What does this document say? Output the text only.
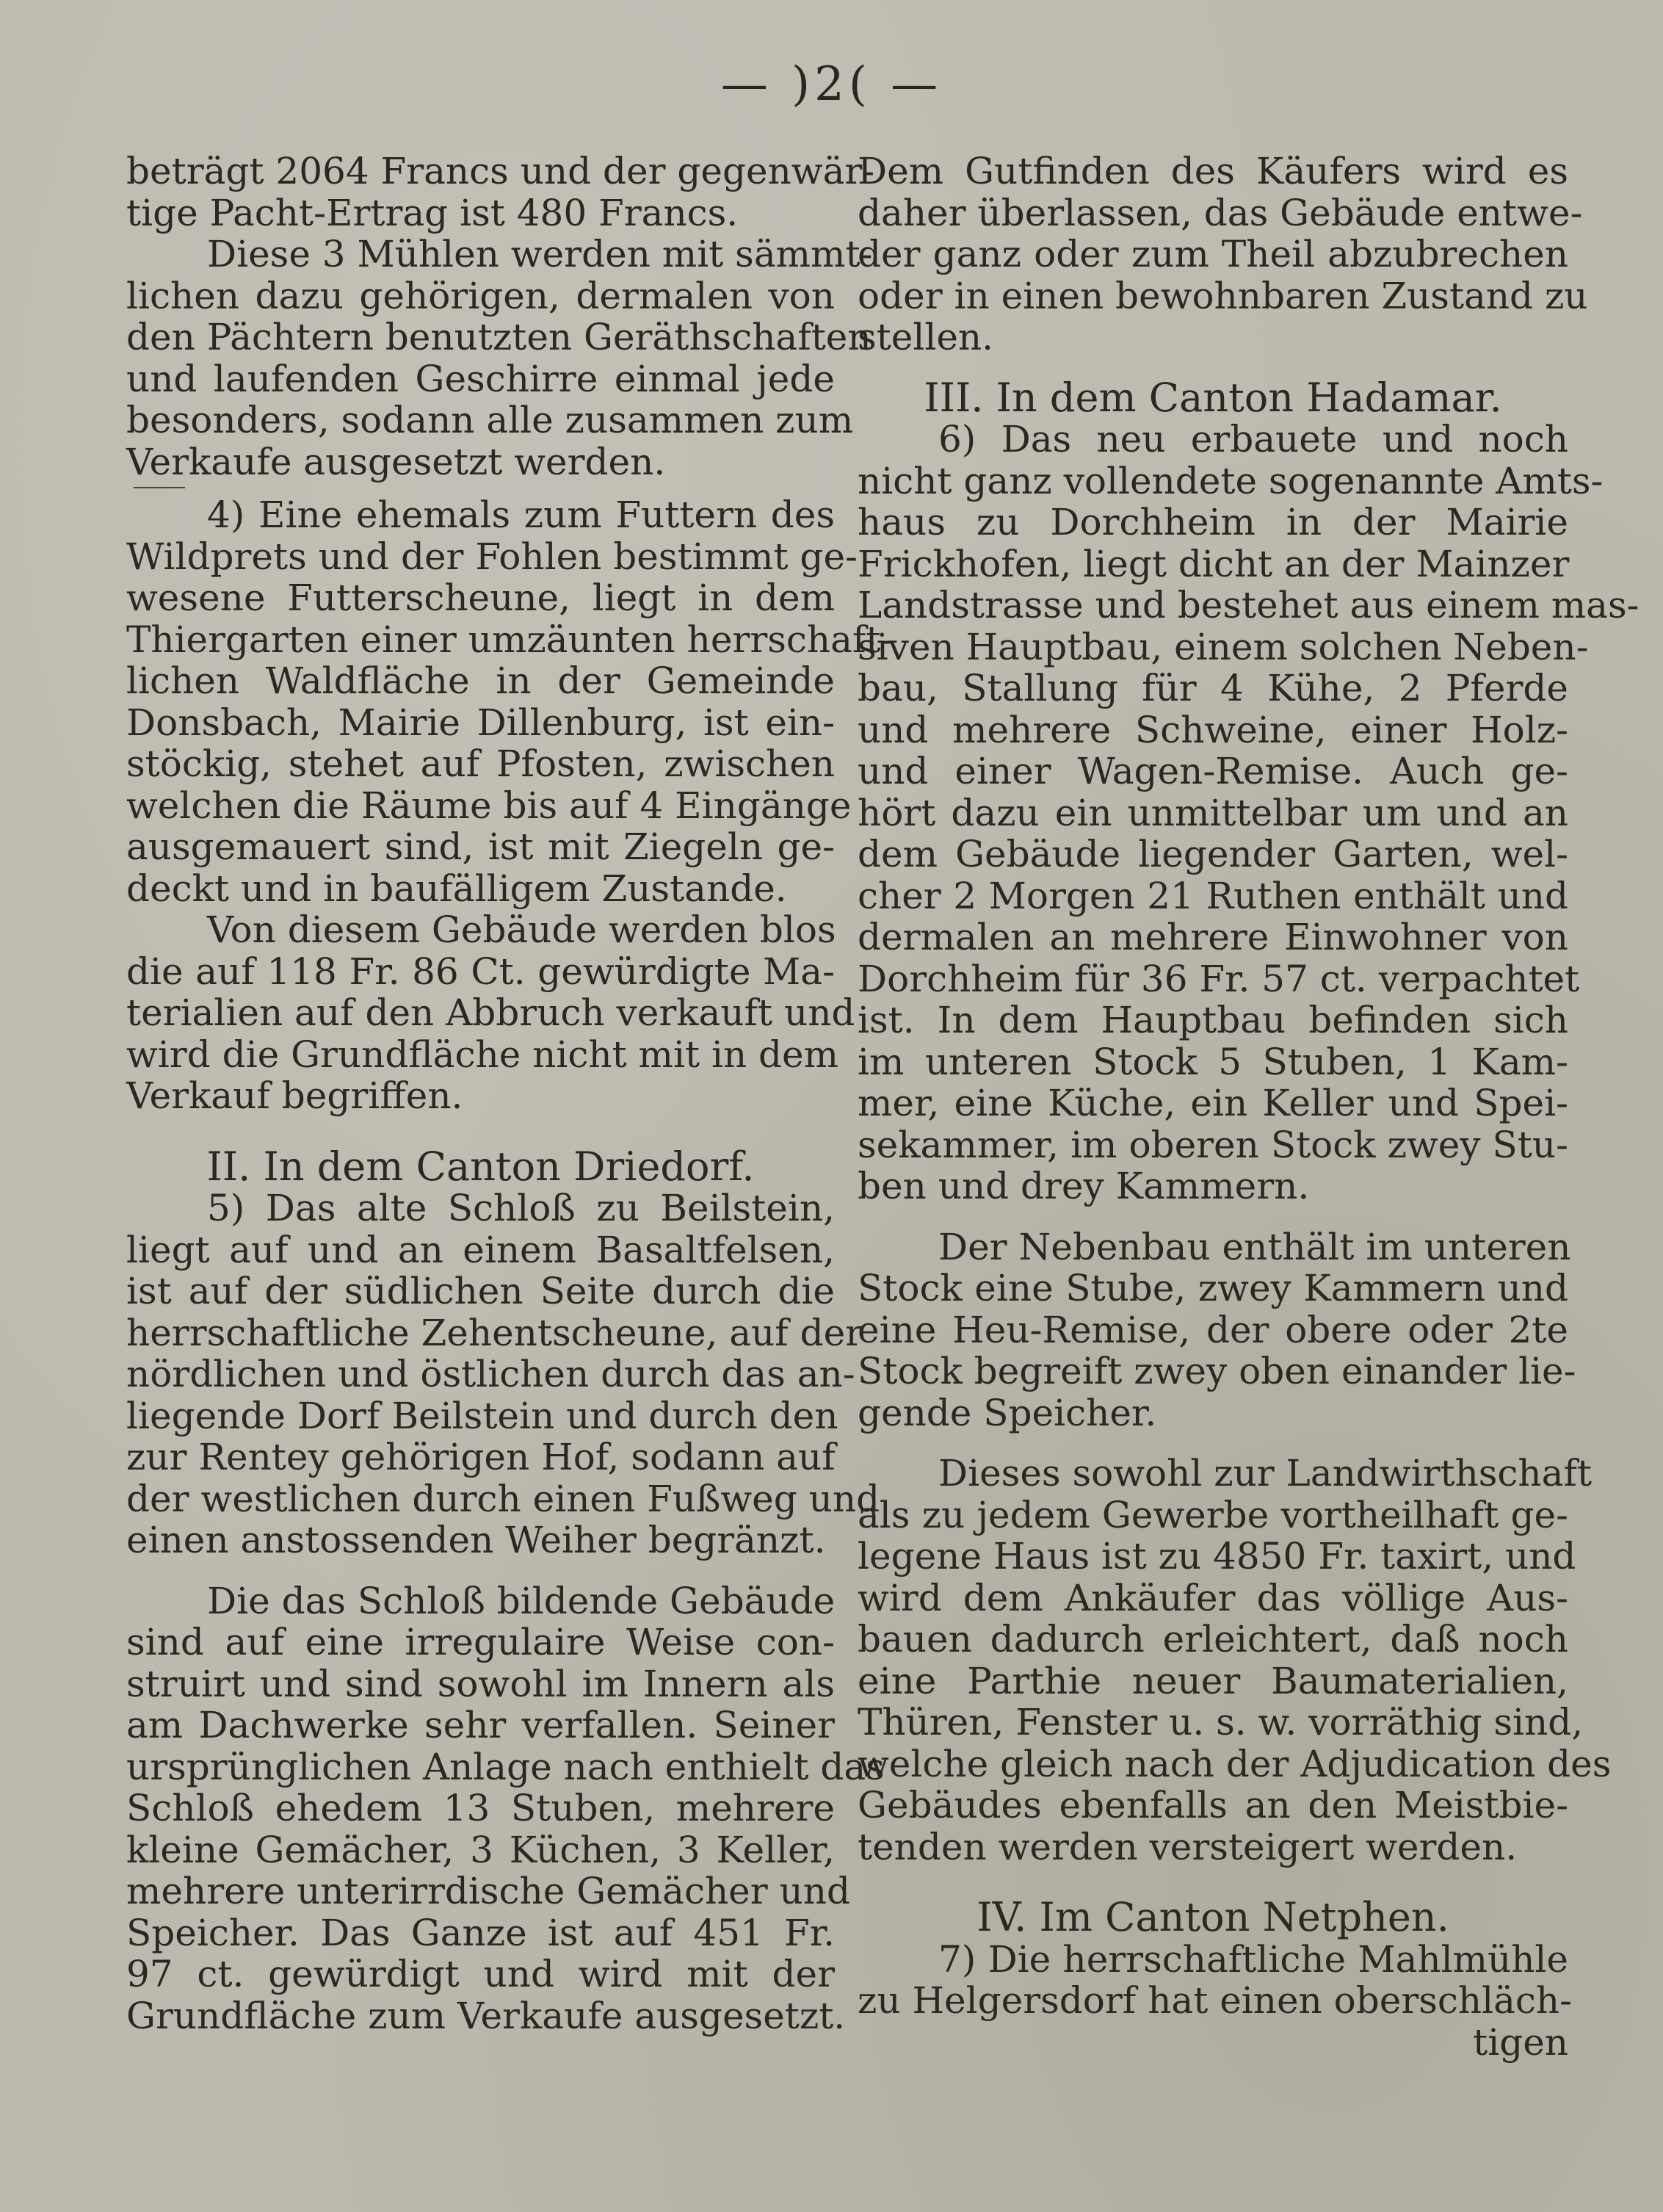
— )2( —
beträgt 2064 Francs und der gegenwär-
tige Pacht-Ertrag ist 480 Francs.
Diese 3 Mühlen werden mit sämmt-
lichen dazu gehörigen, dermalen von
den Pächtern benutzten Geräthschaften
und laufenden Geschirre einmal jede
besonders, sodann alle zusammen zum
Verkaufe ausgesetzt werden.
4) Eine ehemals zum Futtern des
Wildprets und der Fohlen bestimmt ge-
wesene Futterscheune, liegt in dem
Thiergarten einer umzäunten herrschaft-
lichen Waldfläche in der Gemeinde
Donsbach, Mairie Dillenburg, ist ein-
stöckig, stehet auf Pfosten, zwischen
welchen die Räume bis auf 4 Eingänge
ausgemauert sind, ist mit Ziegeln ge-
deckt und in baufälligem Zustande.
Von diesem Gebäude werden blos
die auf 118 Fr. 86 Ct. gewürdigte Ma-
terialien auf den Abbruch verkauft und
wird die Grundfläche nicht mit in dem
Verkauf begriffen.
II. In dem Canton Driedorf.
5) Das alte Schloß zu Beilstein,
liegt auf und an einem Basaltfelsen,
ist auf der südlichen Seite durch die
herrschaftliche Zehentscheune, auf der
nördlichen und östlichen durch das an-
liegende Dorf Beilstein und durch den
zur Rentey gehörigen Hof, sodann auf
der westlichen durch einen Fußweg und
einen anstossenden Weiher begränzt.
Die das Schloß bildende Gebäude
sind auf eine irregulaire Weise con-
struirt und sind sowohl im Innern als
am Dachwerke sehr verfallen. Seiner
ursprünglichen Anlage nach enthielt das
Schloß ehedem 13 Stuben, mehrere
kleine Gemächer, 3 Küchen, 3 Keller,
mehrere unterirrdische Gemächer und
Speicher. Das Ganze ist auf 451 Fr.
97 ct. gewürdigt und wird mit der
Grundfläche zum Verkaufe ausgesetzt.
Dem Gutfinden des Käufers wird es
daher überlassen, das Gebäude entwe-
der ganz oder zum Theil abzubrechen
oder in einen bewohnbaren Zustand zu
stellen.
III. In dem Canton Hadamar.
6) Das neu erbauete und noch
nicht ganz vollendete sogenannte Amts-
haus zu Dorchheim in der Mairie
Frickhofen, liegt dicht an der Mainzer
Landstrasse und bestehet aus einem mas-
siven Hauptbau, einem solchen Neben-
bau, Stallung für 4 Kühe, 2 Pferde
und mehrere Schweine, einer Holz-
und einer Wagen-Remise. Auch ge-
hört dazu ein unmittelbar um und an
dem Gebäude liegender Garten, wel-
cher 2 Morgen 21 Ruthen enthält und
dermalen an mehrere Einwohner von
Dorchheim für 36 Fr. 57 ct. verpachtet
ist. In dem Hauptbau befinden sich
im unteren Stock 5 Stuben, 1 Kam-
mer, eine Küche, ein Keller und Spei-
sekammer, im oberen Stock zwey Stu-
ben und drey Kammern.
Der Nebenbau enthält im unteren
Stock eine Stube, zwey Kammern und
eine Heu-Remise, der obere oder 2te
Stock begreift zwey oben einander lie-
gende Speicher.
Dieses sowohl zur Landwirthschaft
als zu jedem Gewerbe vortheilhaft ge-
legene Haus ist zu 4850 Fr. taxirt, und
wird dem Ankäufer das völlige Aus-
bauen dadurch erleichtert, daß noch
eine Parthie neuer Baumaterialien,
Thüren, Fenster u. s. w. vorräthig sind,
welche gleich nach der Adjudication des
Gebäudes ebenfalls an den Meistbie-
tenden werden versteigert werden.
IV. Im Canton Netphen.
7) Die herrschaftliche Mahlmühle
zu Helgersdorf hat einen oberschläch-
tigen
